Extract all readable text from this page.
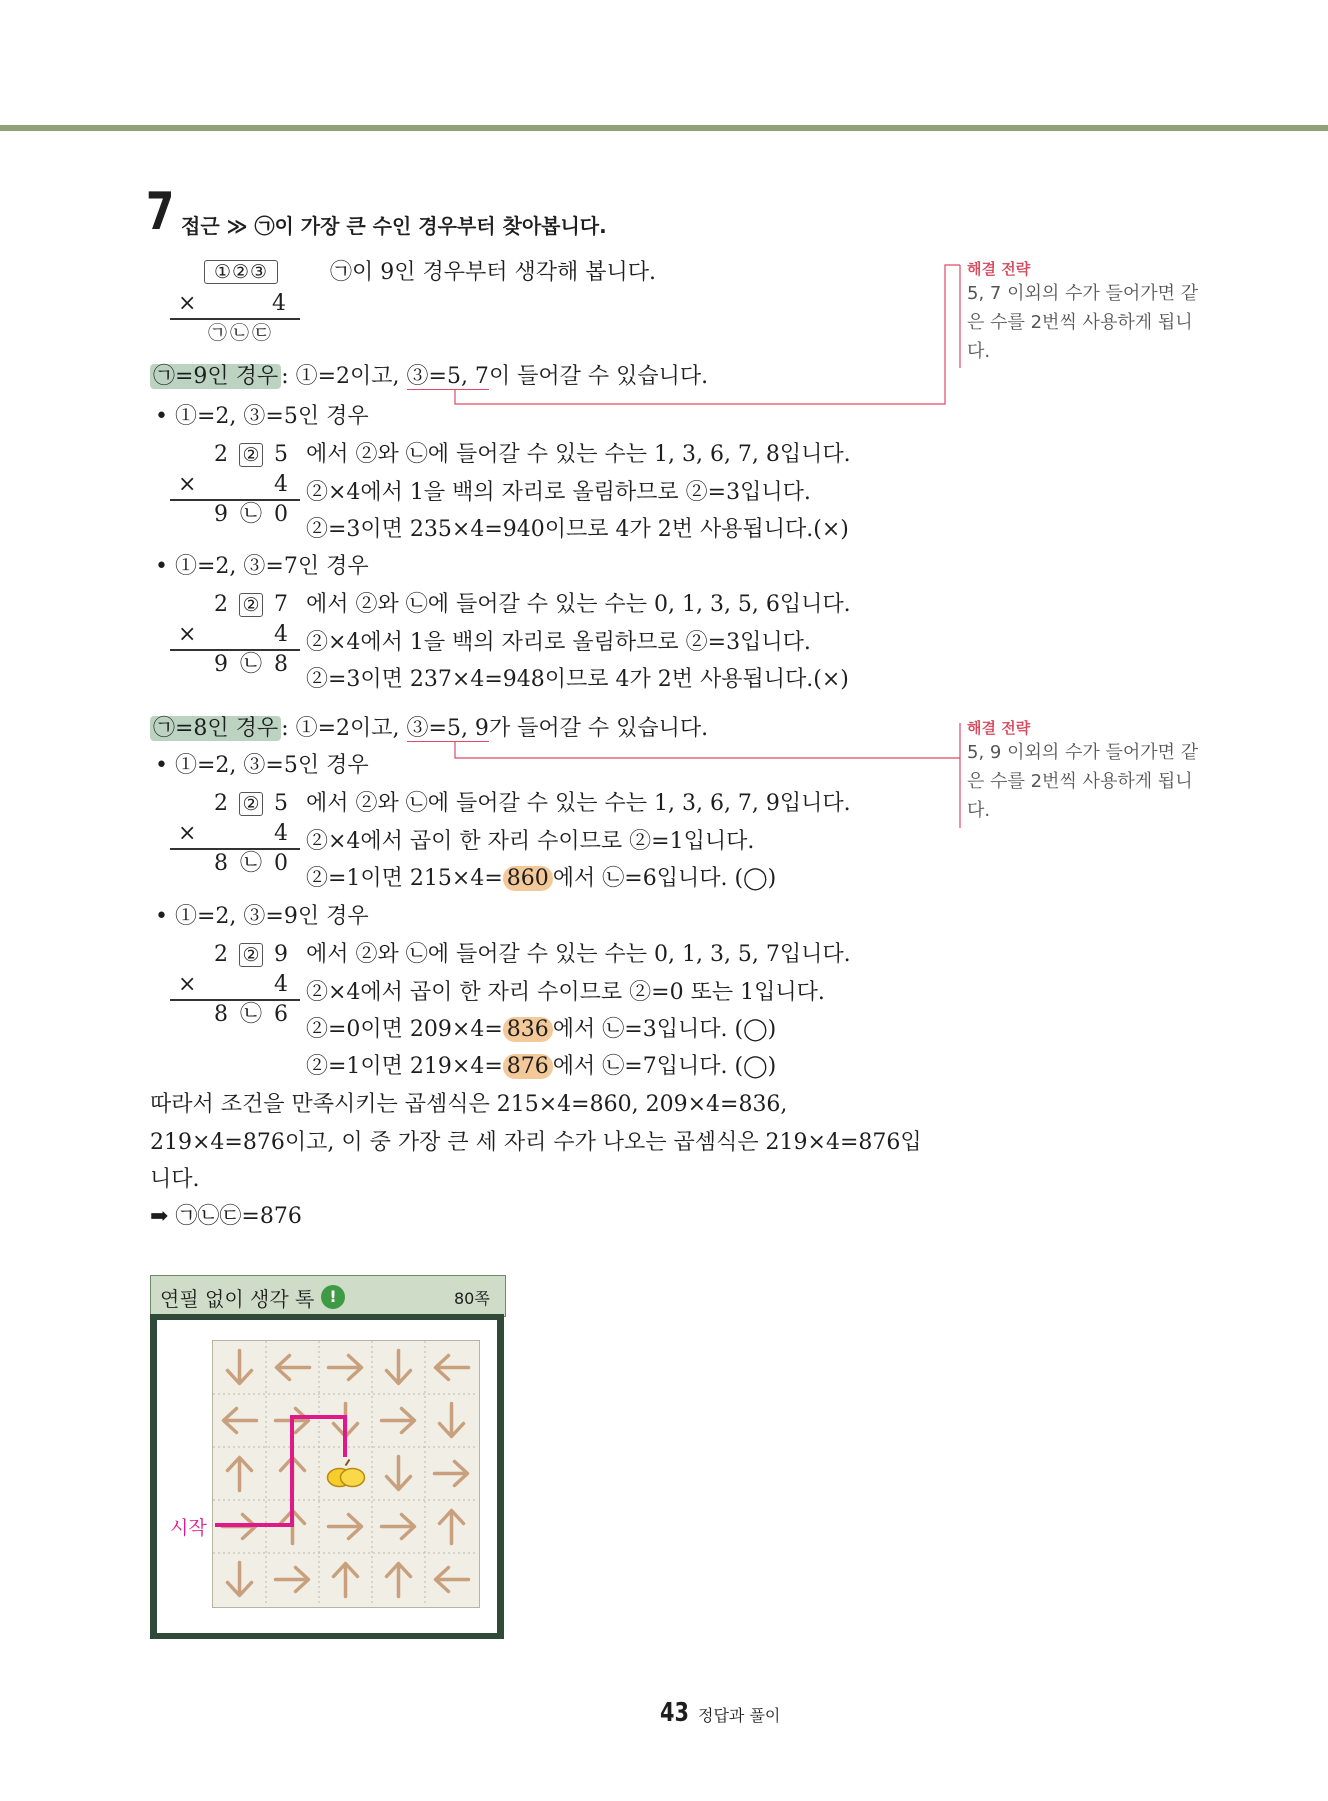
7 접근 ≫ ㉠이 가장 큰 수인 경우부터 찾아봅니다.
①②③
×	4
㉠㉡㉢
㉠이 9인 경우부터 생각해 봅니다.
㉠=9인 경우 : ①=2이고, ③=5, 7이 들어갈 수 있습니다.
• ①=2, ③=5인 경우
2 ② 5
×	4
9 ㉡ 0
에서 ②와 ㉡에 들어갈 수 있는 수는 1, 3, 6, 7, 8입니다.
②×4에서 1을 백의 자리로 올림하므로 ②=3입니다.
②=3이면 235×4=940이므로 4가 2번 사용됩니다.(×)
• ①=2, ③=7인 경우
2 ② 7
×	4
9 ㉡ 8
에서 ②와 ㉡에 들어갈 수 있는 수는 0, 1, 3, 5, 6입니다.
②×4에서 1을 백의 자리로 올림하므로 ②=3입니다.
②=3이면 237×4=948이므로 4가 2번 사용됩니다.(×)
㉠=8인 경우 : ①=2이고, ③=5, 9가 들어갈 수 있습니다.
• ①=2, ③=5인 경우
2 ② 5
×	4
8 ㉡ 0
에서 ②와 ㉡에 들어갈 수 있는 수는 1, 3, 6, 7, 9입니다.
②×4에서 곱이 한 자리 수이므로 ②=1입니다.
②=1이면 215×4= 860 에서 ㉡=6입니다. (◯)
• ①=2, ③=9인 경우
2 ② 9
×	4
8 ㉡ 6
에서 ②와 ㉡에 들어갈 수 있는 수는 0, 1, 3, 5, 7입니다.
②×4에서 곱이 한 자리 수이므로 ②=0 또는 1입니다.
②=0이면 209×4= 836 에서 ㉡=3입니다. (◯)
②=1이면 219×4= 876 에서 ㉡=7입니다. (◯)
따라서 조건을 만족시키는 곱셈식은 215×4=860, 209×4=836,
219×4=876이고, 이 중 가장 큰 세 자리 수가 나오는 곱셈식은 219×4=876입
니다.
➡ ㉠㉡㉢=876
해결 전략
5, 7 이외의 수가 들어가면 같은 수를 2번씩 사용하게 됩니다.
해결 전략
5, 9 이외의 수가 들어가면 같은 수를 2번씩 사용하게 됩니다.
연필 없이 생각 톡 !	80쪽
시작
43 정답과 풀이
